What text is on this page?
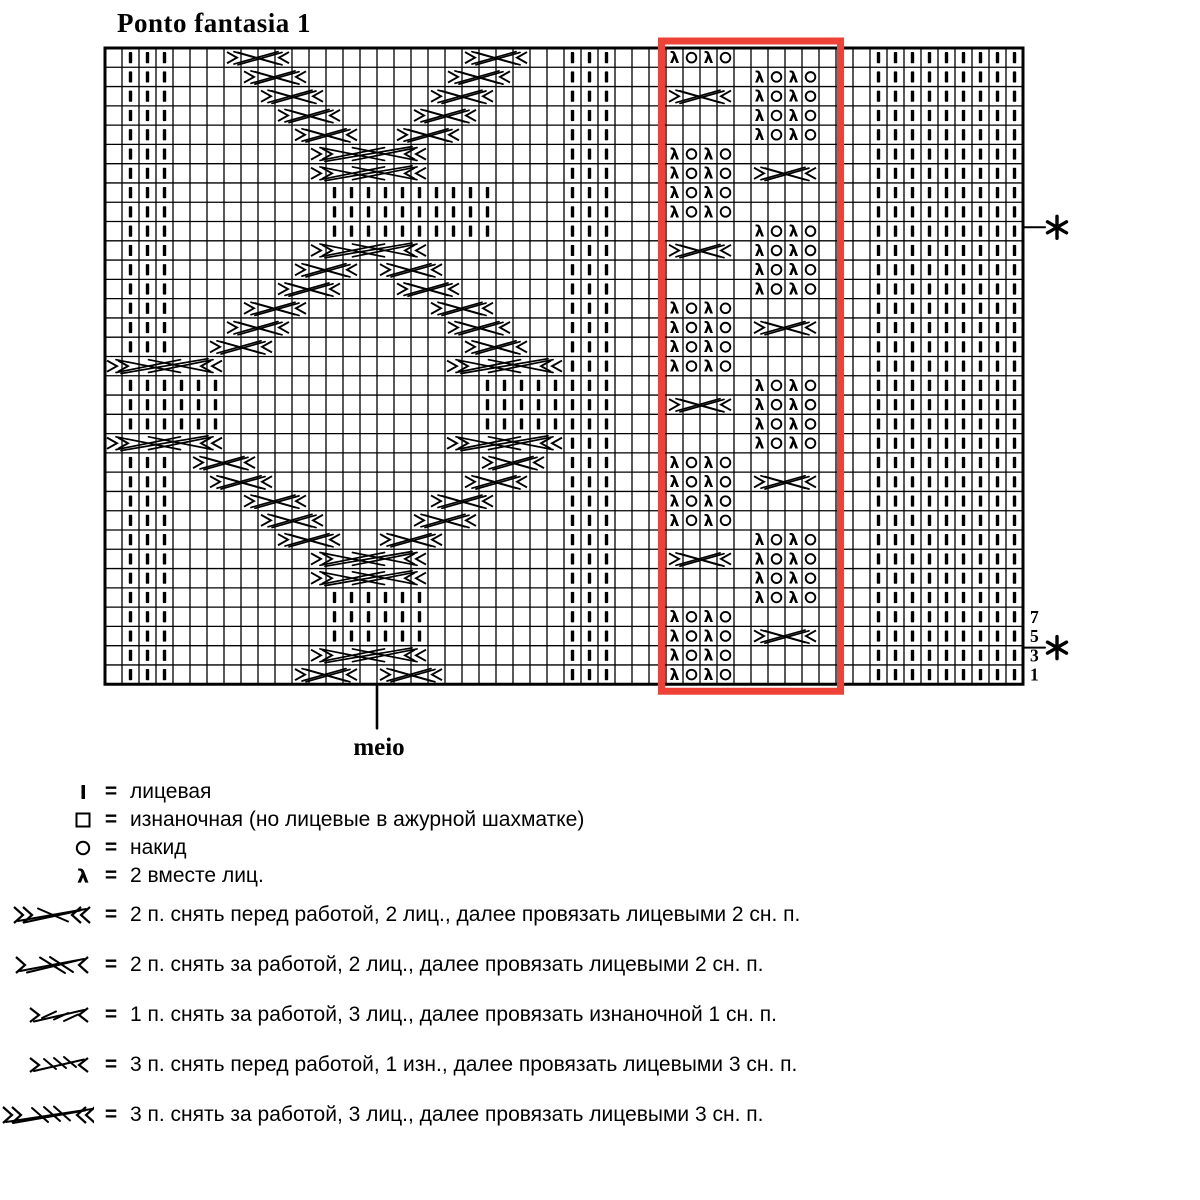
Ponto fantasia 1
λ λ
λ λ
λ λ
λ λ
λ λ
λ λ
λ λ
λ λ
λ λ
λ λ
λ λ
λ λ
λ λ
λ λ
λ λ
λ λ
λ λ
λ λ
λ λ
λ λ
λ λ
λ λ
λ λ
λ λ
λ λ
λ λ
λ λ
λ λ
λ λ
λ λ
λ λ
λ λ
λ λ
7
5
3
1
meio
= лицевая
= изнаночная (но лицевые в ажурной шахматке)
= накид
λ = 2 вместе лиц.
= 2 п. снять перед работой, 2 лиц., далее провязать лицевыми 2 сн. п.
= 2 п. снять за работой, 2 лиц., далее провязать лицевыми 2 сн. п.
= 1 п. снять за работой, 3 лиц., далее провязать изнаночной 1 сн. п.
= 3 п. снять перед работой, 1 изн., далее провязать лицевыми 3 сн. п.
= 3 п. снять за работой, 3 лиц., далее провязать лицевыми 3 сн. п.
